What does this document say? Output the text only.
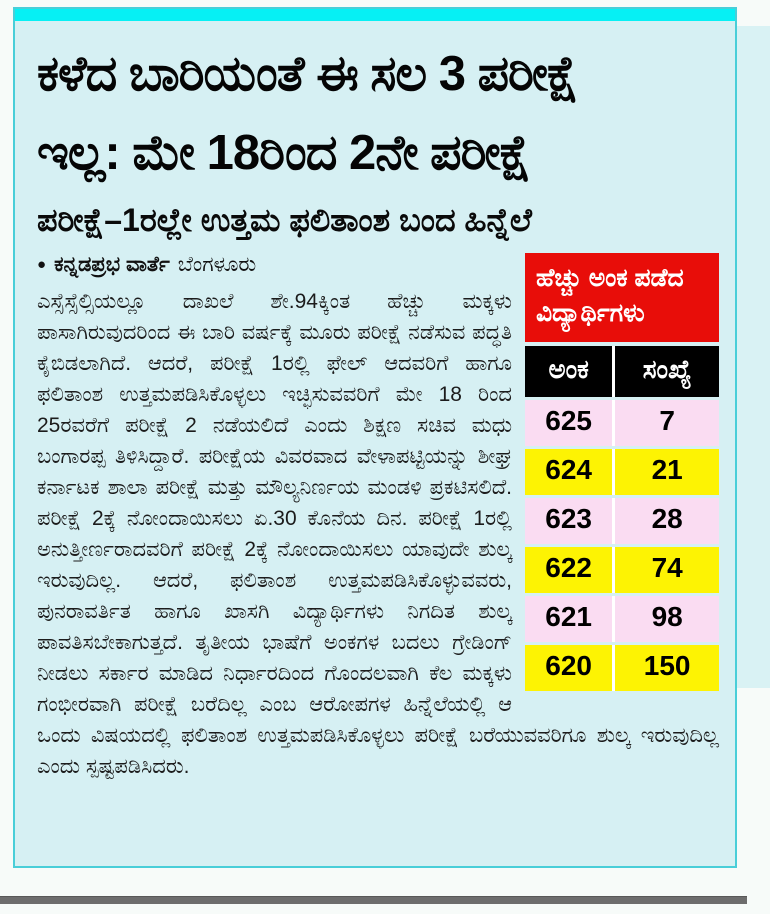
ಕಳೆದ ಬಾರಿಯಂತೆ ಈ ಸಲ 3 ಪರೀಕ್ಷೆ
ಇಲ್ಲ: ಮೇ 18ರಿಂದ 2ನೇ ಪರೀಕ್ಷೆ
ಪರೀಕ್ಷೆ–1ರಲ್ಲೇ ಉತ್ತಮ ಫಲಿತಾಂಶ ಬಂದ ಹಿನ್ನೆಲೆ
ಹೆಚ್ಚು ಅಂಕ ಪಡೆದ
ವಿದ್ಯಾರ್ಥಿಗಳು
ಅಂಕ	ಸಂಖ್ಯೆ
625	7
624	21
623	28
622	74
621	98
620	150
● ಕನ್ನಡಪ್ರಭ ವಾರ್ತೆ ಬೆಂಗಳೂರು

ಎಸ್ಸೆಸ್ಸೆಲ್ಸಿಯಲ್ಲೂ ದಾಖಲೆ ಶೇ.94ಕ್ಕಿಂತ ಹೆಚ್ಚು ಮಕ್ಕಳು ಪಾಸಾಗಿರುವುದರಿಂದ ಈ ಬಾರಿ ವರ್ಷಕ್ಕೆ ಮೂರು ಪರೀಕ್ಷೆ ನಡೆಸುವ ಪದ್ಧತಿ ಕೈಬಿಡಲಾಗಿದೆ. ಆದರೆ, ಪರೀಕ್ಷೆ 1ರಲ್ಲಿ ಫೇಲ್ ಆದವರಿಗೆ ಹಾಗೂ ಫಲಿತಾಂಶ ಉತ್ತಮಪಡಿಸಿಕೊಳ್ಳಲು ಇಚ್ಛಿಸುವವರಿಗೆ ಮೇ 18 ರಿಂದ 25ರವರೆಗೆ ಪರೀಕ್ಷೆ 2 ನಡೆಯಲಿದೆ ಎಂದು ಶಿಕ್ಷಣ ಸಚಿವ ಮಧು ಬಂಗಾರಪ್ಪ ತಿಳಿಸಿದ್ದಾರೆ. ಪರೀಕ್ಷೆಯ ವಿವರವಾದ ವೇಳಾಪಟ್ಟಿಯನ್ನು ಶೀಘ್ರ ಕರ್ನಾಟಕ ಶಾಲಾ ಪರೀಕ್ಷೆ ಮತ್ತು ಮೌಲ್ಯನಿರ್ಣಯ ಮಂಡಳಿ ಪ್ರಕಟಿಸಲಿದೆ. ಪರೀಕ್ಷೆ 2ಕ್ಕೆ ನೋಂದಾಯಿಸಲು ಏ.30 ಕೊನೆಯ ದಿನ. ಪರೀಕ್ಷೆ 1ರಲ್ಲಿ ಅನುತ್ತೀರ್ಣರಾದವರಿಗೆ ಪರೀಕ್ಷೆ 2ಕ್ಕೆ ನೋಂದಾಯಿಸಲು ಯಾವುದೇ ಶುಲ್ಕ ಇರುವುದಿಲ್ಲ. ಆದರೆ, ಫಲಿತಾಂಶ ಉತ್ತಮಪಡಿಸಿಕೊಳ್ಳುವವರು, ಪುನರಾವರ್ತಿತ ಹಾಗೂ ಖಾಸಗಿ ವಿದ್ಯಾರ್ಥಿಗಳು ನಿಗದಿತ ಶುಲ್ಕ ಪಾವತಿಸಬೇಕಾಗುತ್ತದೆ. ತೃತೀಯ ಭಾಷೆಗೆ ಅಂಕಗಳ ಬದಲು ಗ್ರೇಡಿಂಗ್ ನೀಡಲು ಸರ್ಕಾರ ಮಾಡಿದ ನಿರ್ಧಾರದಿಂದ ಗೊಂದಲವಾಗಿ ಕೆಲ ಮಕ್ಕಳು ಗಂಭೀರವಾಗಿ ಪರೀಕ್ಷೆ ಬರೆದಿಲ್ಲ ಎಂಬ ಆರೋಪಗಳ ಹಿನ್ನೆಲೆಯಲ್ಲಿ ಆ ಒಂದು ವಿಷಯದಲ್ಲಿ ಫಲಿತಾಂಶ ಉತ್ತಮಪಡಿಸಿಕೊಳ್ಳಲು ಪರೀಕ್ಷೆ ಬರೆಯುವವರಿಗೂ ಶುಲ್ಕ ಇರುವುದಿಲ್ಲ ಎಂದು ಸ್ಪಷ್ಟಪಡಿಸಿದರು.
